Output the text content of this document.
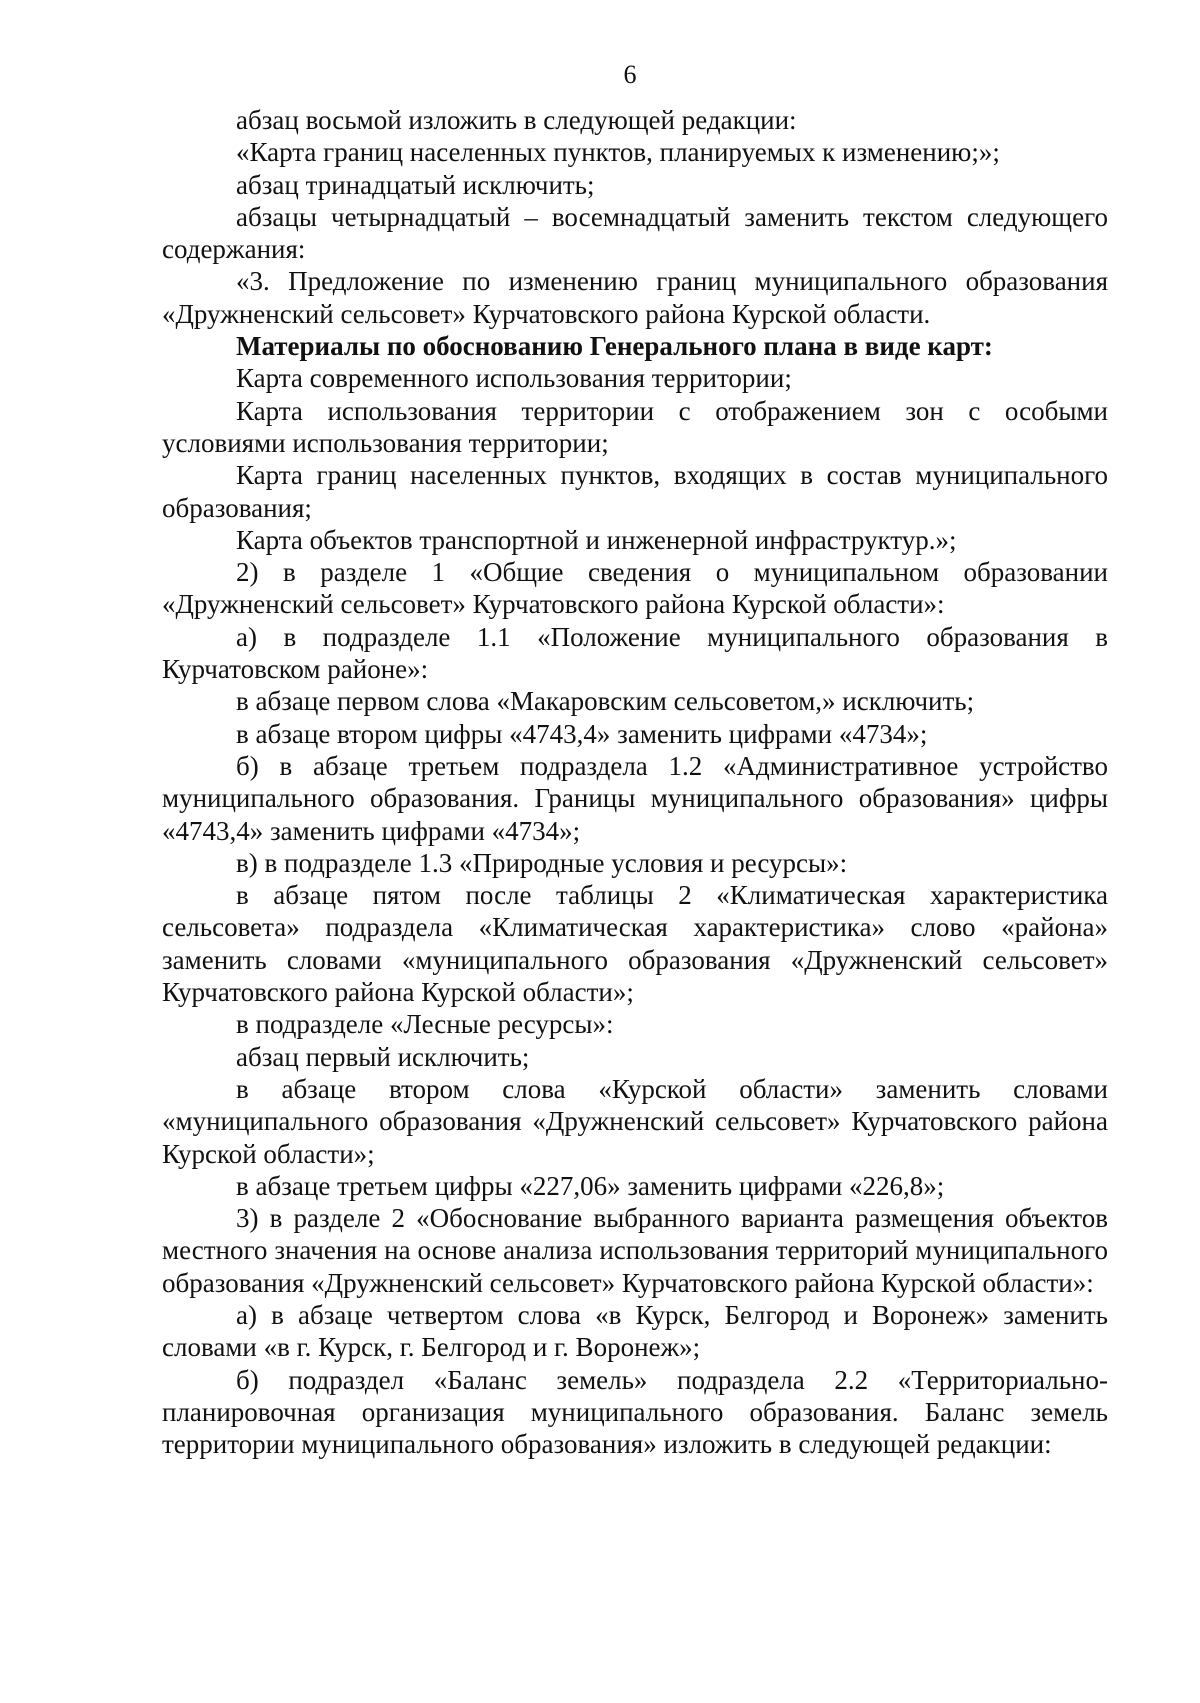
6

абзац восьмой изложить в следующей редакции:

«Карта границ населенных пунктов, планируемых к изменению;»;

абзац тринадцатый исключить;

абзацы четырнадцатый – восемнадцатый заменить текстом следующего содержания:

«3. Предложение по изменению границ муниципального образования «Дружненский сельсовет» Курчатовского района Курской области.

Материалы по обоснованию Генерального плана в виде карт:

Карта современного использования территории;

Карта использования территории с отображением зон с особыми условиями использования территории;

Карта границ населенных пунктов, входящих в состав муниципального образования;

Карта объектов транспортной и инженерной инфраструктур.»;

2) в разделе 1 «Общие сведения о муниципальном образовании «Дружненский сельсовет» Курчатовского района Курской области»:

а) в подразделе 1.1 «Положение муниципального образования в Курчатовском районе»:

в абзаце первом слова «Макаровским сельсоветом,» исключить;

в абзаце втором цифры «4743,4» заменить цифрами «4734»;

б) в абзаце третьем подраздела 1.2 «Административное устройство муниципального образования. Границы муниципального образования» цифры «4743,4» заменить цифрами «4734»;

в) в подразделе 1.3 «Природные условия и ресурсы»:

в абзаце пятом после таблицы 2 «Климатическая характеристика сельсовета» подраздела «Климатическая характеристика» слово «района» заменить словами «муниципального образования «Дружненский сельсовет» Курчатовского района Курской области»;

в подразделе «Лесные ресурсы»:

абзац первый исключить;

в абзаце втором слова «Курской области» заменить словами «муниципального образования «Дружненский сельсовет» Курчатовского района Курской области»;

в абзаце третьем цифры «227,06» заменить цифрами «226,8»;

3) в разделе 2 «Обоснование выбранного варианта размещения объектов местного значения на основе анализа использования территорий муниципального образования «Дружненский сельсовет» Курчатовского района Курской области»:

а) в абзаце четвертом слова «в Курск, Белгород и Воронеж» заменить словами «в г. Курск, г. Белгород и г. Воронеж»;

б) подраздел «Баланс земель» подраздела 2.2 «Территориально-планировочная организация муниципального образования. Баланс земель территории муниципального образования» изложить в следующей редакции:
